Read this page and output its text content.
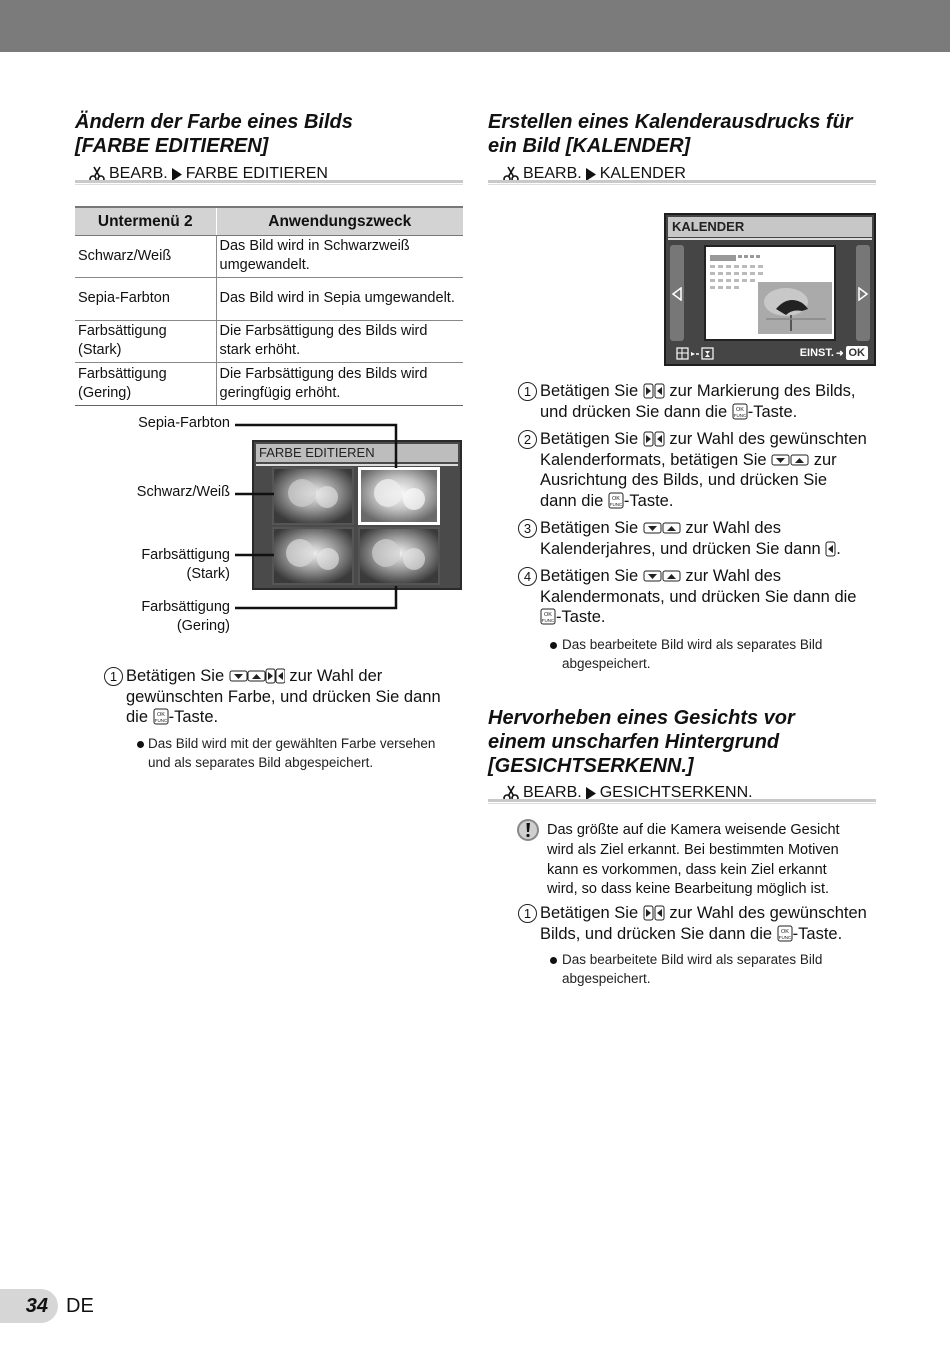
Ändern der Farbe eines Bilds
[FARBE EDITIEREN]
BEARB. FARBE EDITIEREN
Untermenü 2	Anwendungszweck
Schwarz/Weiß	Das Bild wird in Schwarzweiß umgewandelt.
Sepia-Farbton	Das Bild wird in Sepia umgewandelt.
Farbsättigung (Stark)	Die Farbsättigung des Bilds wird stark erhöht.
Farbsättigung (Gering)	Die Farbsättigung des Bilds wird geringfügig erhöht.
Sepia-Farbton
Schwarz/Weiß
Farbsättigung
(Stark)
Farbsättigung
(Gering)
FARBE EDITIEREN
1 Betätigen Sie	zur Wahl der
gewünschten Farbe, und drücken Sie dann
die OK
FUNC -Taste.
Das Bild wird mit der gewählten Farbe versehen
und als separates Bild abgespeichert.
Erstellen eines Kalenderausdrucks für
ein Bild [KALENDER]
BEARB. KALENDER
KALENDER
EINST. ➜ OK
1 Betätigen Sie zur Markierung des Bilds,
und drücken Sie dann die OK
FUNC -Taste.
2 Betätigen Sie zur Wahl des gewünschten
Kalenderformats, betätigen Sie	zur
Ausrichtung des Bilds, und drücken Sie
dann die OK
FUNC -Taste.
3 Betätigen Sie	zur Wahl des
Kalenderjahres, und drücken Sie dann .
4 Betätigen Sie	zur Wahl des
Kalendermonats, und drücken Sie dann die
OK
FUNC -Taste.
Das bearbeitete Bild wird als separates Bild
abgespeichert.
Hervorheben eines Gesichts vor
einem unscharfen Hintergrund
[GESICHTSERKENN.]
BEARB. GESICHTSERKENN.
Das größte auf die Kamera weisende Gesicht
wird als Ziel erkannt. Bei bestimmten Motiven
kann es vorkommen, dass kein Ziel erkannt
wird, so dass keine Bearbeitung möglich ist.
1 Betätigen Sie zur Wahl des gewünschten
Bilds, und drücken Sie dann die OK
FUNC -Taste.
Das bearbeitete Bild wird als separates Bild
abgespeichert.
34 DE
